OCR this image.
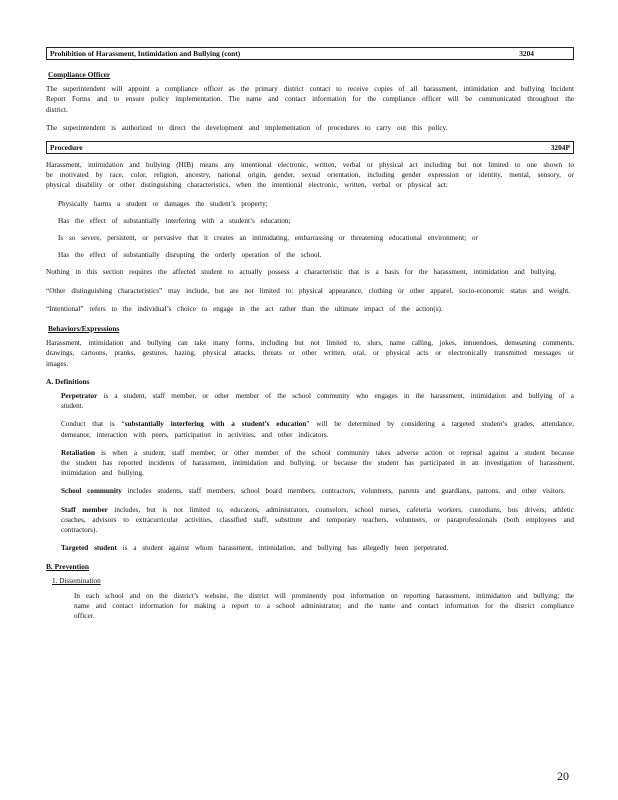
Prohibition of Harassment, Intimidation and Bullying (cont)	3204
Compliance Officer

The superintendent will appoint a compliance officer as the primary district contact to receive copies of all harassment, intimidation and bullying Incident Report Forms and to ensure policy implementation. The name and contact information for the compliance officer will be communicated throughout the district.

The superintendent is authorized to direct the development and implementation of procedures to carry out this policy.

Procedure	3204P

Harassment, intimidation and bullying (HIB) means any intentional electronic, written, verbal or physical act including but not limited to one shown to be motivated by race, color, religion, ancestry, national origin, gender, sexual orientation, including gender expression or identity, mental, sensory, or physical disability or other distinguishing characteristics, when the intentional electronic, written, verbal or physical act:

Physically harms a student or damages the student’s property;
Has the effect of substantially interfering with a student’s education;
Is so severe, persistent, or pervasive that it creates an intimidating, embarrassing or threatening educational environment; or
Has the effect of substantially disrupting the orderly operation of the school.

Nothing in this section requires the affected student to actually possess a characteristic that is a basis for the harassment, intimidation and bullying.

“Other distinguishing characteristics” may include, but are not limited to: physical appearance, clothing or other apparel, socio-economic status and weight.

“Intentional” refers to the individual’s choice to engage in the act rather than the ultimate impact of the action(s).

Behaviors/Expressions

Harassment, intimidation and bullying can take many forms, including but not limited to, slurs, name calling, jokes, innuendoes, demeaning comments, drawings, cartoons, pranks, gestures, hazing, physical attacks, threats or other written, oral, or physical acts or electronically transmitted messages or images.

A. Definitions

Perpetrator is a student, staff member, or other member of the school community who engages in the harassment, intimidation and bullying of a student.

Conduct that is “substantially interfering with a student’s education” will be determined by considering a targeted student’s grades, attendance, demeanor, interaction with peers, participation in activities, and other indicators.

Retaliation is when a student, staff member, or other member of the school community takes adverse action or reprisal against a student because the student has reported incidents of harassment, intimidation and bullying, or because the student has participated in an investigation of harassment, intimidation and bullying.

School community includes students, staff members, school board members, contractors, volunteers, parents and guardians, patrons, and other visitors.

Staff member includes, but is not limited to, educators, administrators, counselors, school nurses, cafeteria workers, custodians, bus drivers, athletic coaches, advisors to extracurricular activities, classified staff, substitute and temporary teachers, volunteers, or paraprofessionals (both employees and contractors).

Targeted student is a student against whom harassment, intimidation, and bullying has allegedly been perpetrated.

B. Prevention
1. Dissemination

In each school and on the district’s website, the district will prominently post information on reporting harassment, intimidation and bullying; the name and contact information for making a report to a school administrator; and the name and contact information for the district compliance officer.

20
